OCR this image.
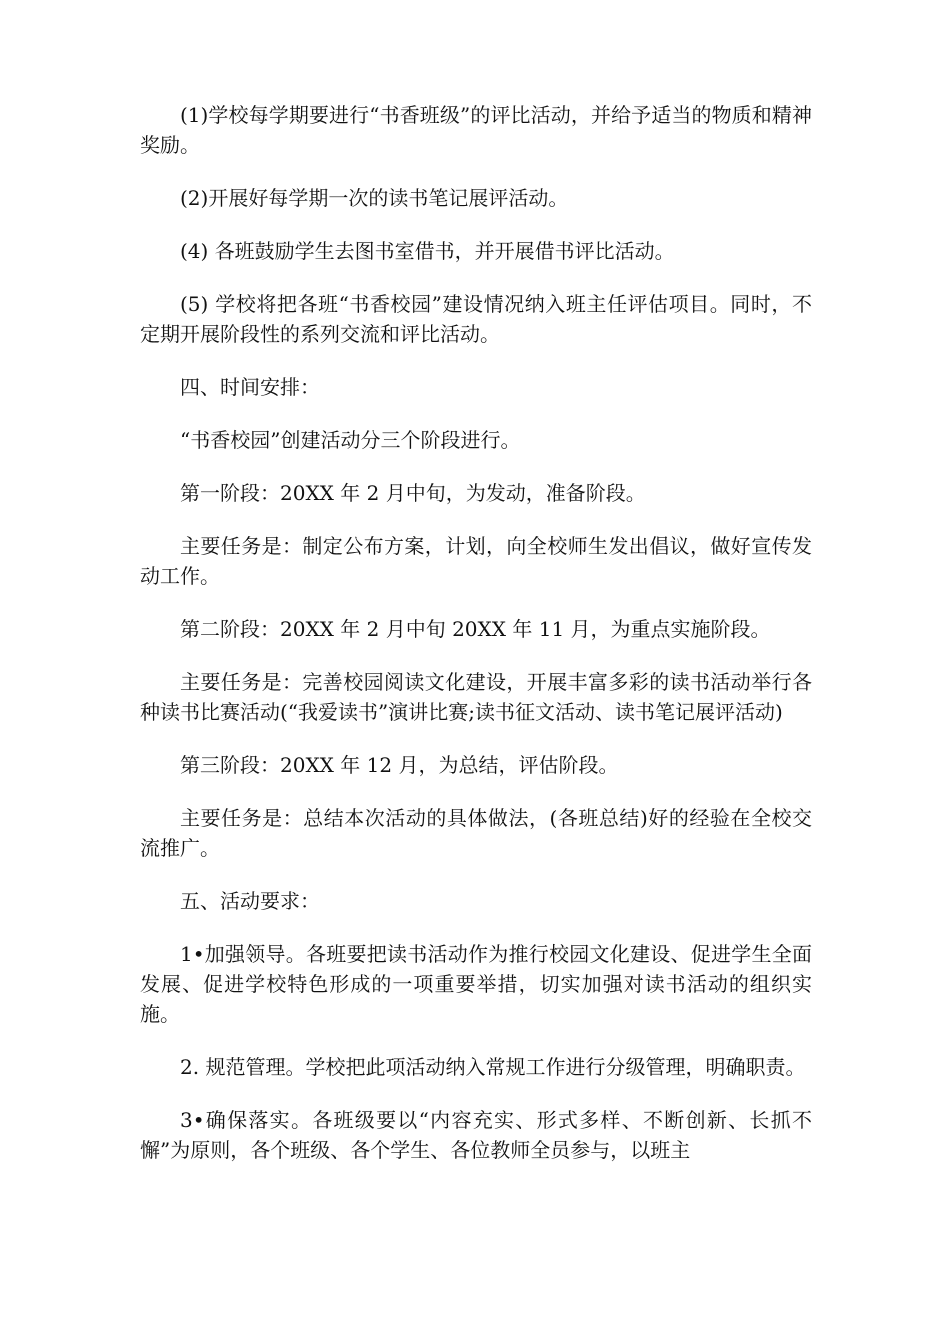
(1)学校每学期要进行“书香班级”的评比活动，并给予适当的物质和精神奖励。

(2)开展好每学期一次的读书笔记展评活动。

(4) 各班鼓励学生去图书室借书，并开展借书评比活动。

(5) 学校将把各班“书香校园”建设情况纳入班主任评估项目。同时，不定期开展阶段性的系列交流和评比活动。

四、时间安排：

“书香校园”创建活动分三个阶段进行。

第一阶段：20XX 年 2 月中旬，为发动，准备阶段。

主要任务是：制定公布方案，计划，向全校师生发出倡议，做好宣传发动工作。

第二阶段：20XX 年 2 月中旬 20XX 年 11 月，为重点实施阶段。

主要任务是：完善校园阅读文化建设，开展丰富多彩的读书活动举行各种读书比赛活动(“我爱读书”演讲比赛;读书征文活动、读书笔记展评活动)

第三阶段：20XX 年 12 月，为总结，评估阶段。

主要任务是：总结本次活动的具体做法，(各班总结)好的经验在全校交流推广。

五、活动要求：

1•加强领导。各班要把读书活动作为推行校园文化建设、促进学生全面发展、促进学校特色形成的一项重要举措，切实加强对读书活动的组织实施。

2. 规范管理。学校把此项活动纳入常规工作进行分级管理，明确职责。

3•确保落实。各班级要以“内容充实、形式多样、不断创新、长抓不懈”为原则，各个班级、各个学生、各位教师全员参与，以班主
